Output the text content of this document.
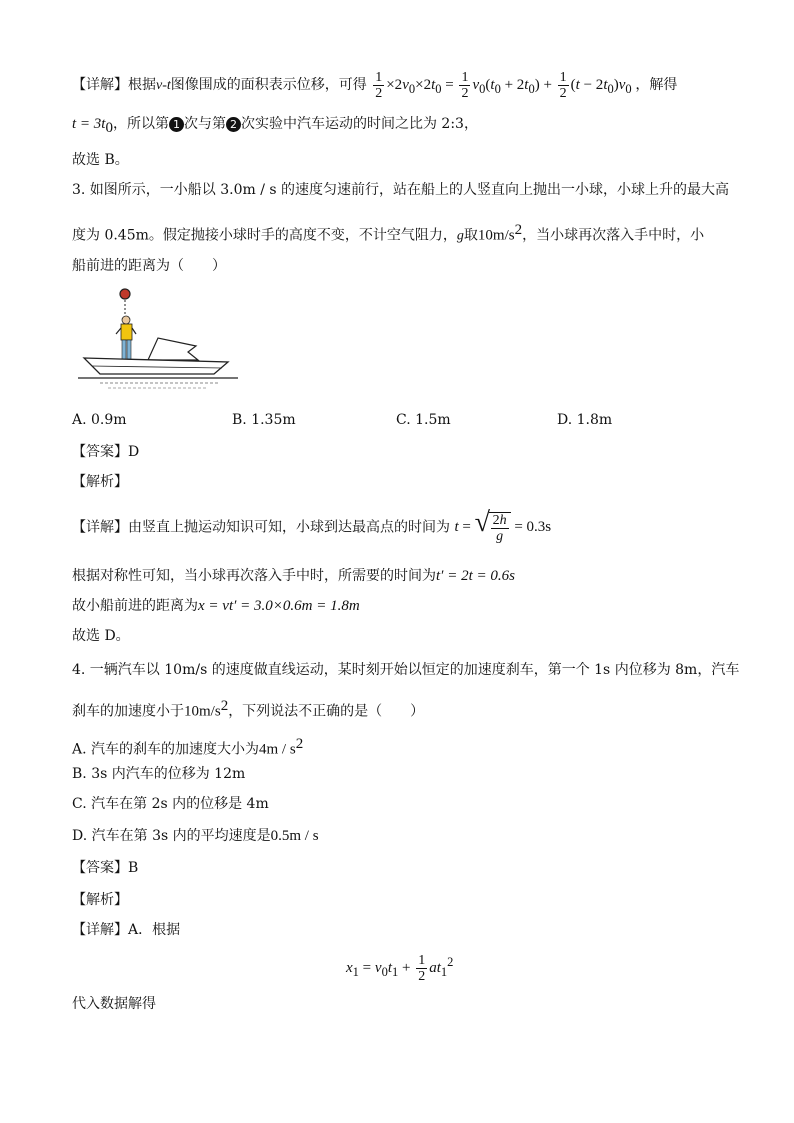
【详解】根据v-t图像围成的面积表示位移，可得 $\frac{1}{2} \times 2v_0\times 2t_0 = \frac{1}{2} v_0(t_0 + 2t_0) + \frac{1}{2} (t - 2t_0)v_0$ ，解得
$t = 3t_0$，所以第 1 次与第 2 次实验中汽车运动的时间之比为 2:3，
故选 B。
3. 如图所示，一小船以 3.0m / s 的速度匀速前行，站在船上的人竖直向上抛出一小球，小球上升的最大高
度为 0.45m。假定抛接小球时手的高度不变，不计空气阻力，g取$10m/s^2$，当小球再次落入手中时，小
船前进的距离为（　　）
A. 0.9m	B. 1.35m	C. 1.5m	D. 1.8m
【答案】D
【解析】
【详解】由竖直上抛运动知识可知，小球到达最高点的时间为 t = √ $\frac{2h}{g} = 0.3s$
根据对称性可知，当小球再次落入手中时，所需要的时间为t′ = 2t = 0.6s
故小船前进的距离为x = vt′ = 3.0×0.6m = 1.8m
故选 D。
4. 一辆汽车以 10m/s 的速度做直线运动，某时刻开始以恒定的加速度刹车，第一个 1s 内位移为 8m，汽车
刹车的加速度小于$10m/s^2$，下列说法不正确的是（　　）
A. 汽车的刹车的加速度大小为$4m / s^2$
B. 3s 内汽车的位移为 12m
C. 汽车在第 2s 内的位移是 4m
D. 汽车在第 3s 内的平均速度是0.5m / s
【答案】B
【解析】
【详解】A．根据
$x_1 = v_0t_1 + \frac{1}{2} at_1^2$
代入数据解得
